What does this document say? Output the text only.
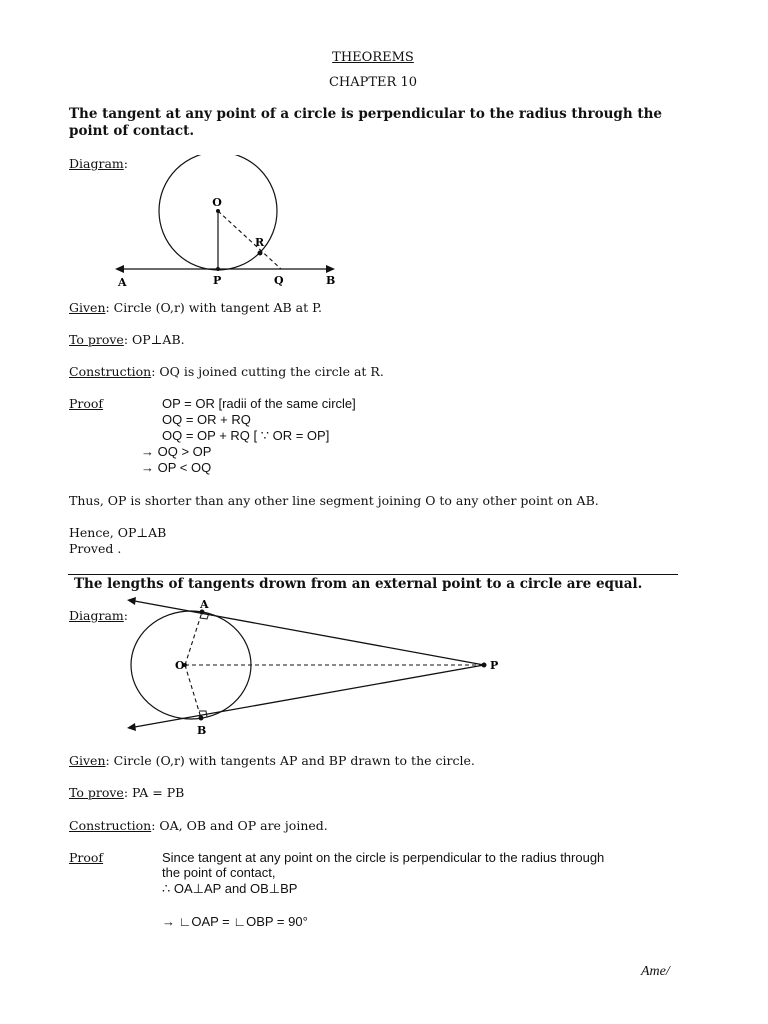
THEOREMS
CHAPTER 10
The tangent at any point of a circle is perpendicular to the radius through the point of contact.
Diagram:
O
R
A	P	Q	B
Given: Circle (O,r) with tangent AB at P.
To prove: OP⊥AB.
Construction: OQ is joined cutting the circle at R.
Proof	OP = OR [radii of the same circle]
OQ = OR + RQ
OQ = OP + RQ [ ∵ OR = OP]
→ OQ > OP
→ OP < OQ
Thus, OP is shorter than any other line segment joining O to any other point on AB.
Hence, OP⊥AB
Proved .
The lengths of tangents drown from an external point to a circle are equal.
Diagram:
A
O	P
B
Given: Circle (O,r) with tangents AP and BP drawn to the circle.
To prove: PA = PB
Construction: OA, OB and OP are joined.
Proof	Since tangent at any point on the circle is perpendicular to the radius through
the point of contact,
∴ OA⊥AP and OB⊥BP
→ ∟OAP = ∟OBP = 90°
Ame/
